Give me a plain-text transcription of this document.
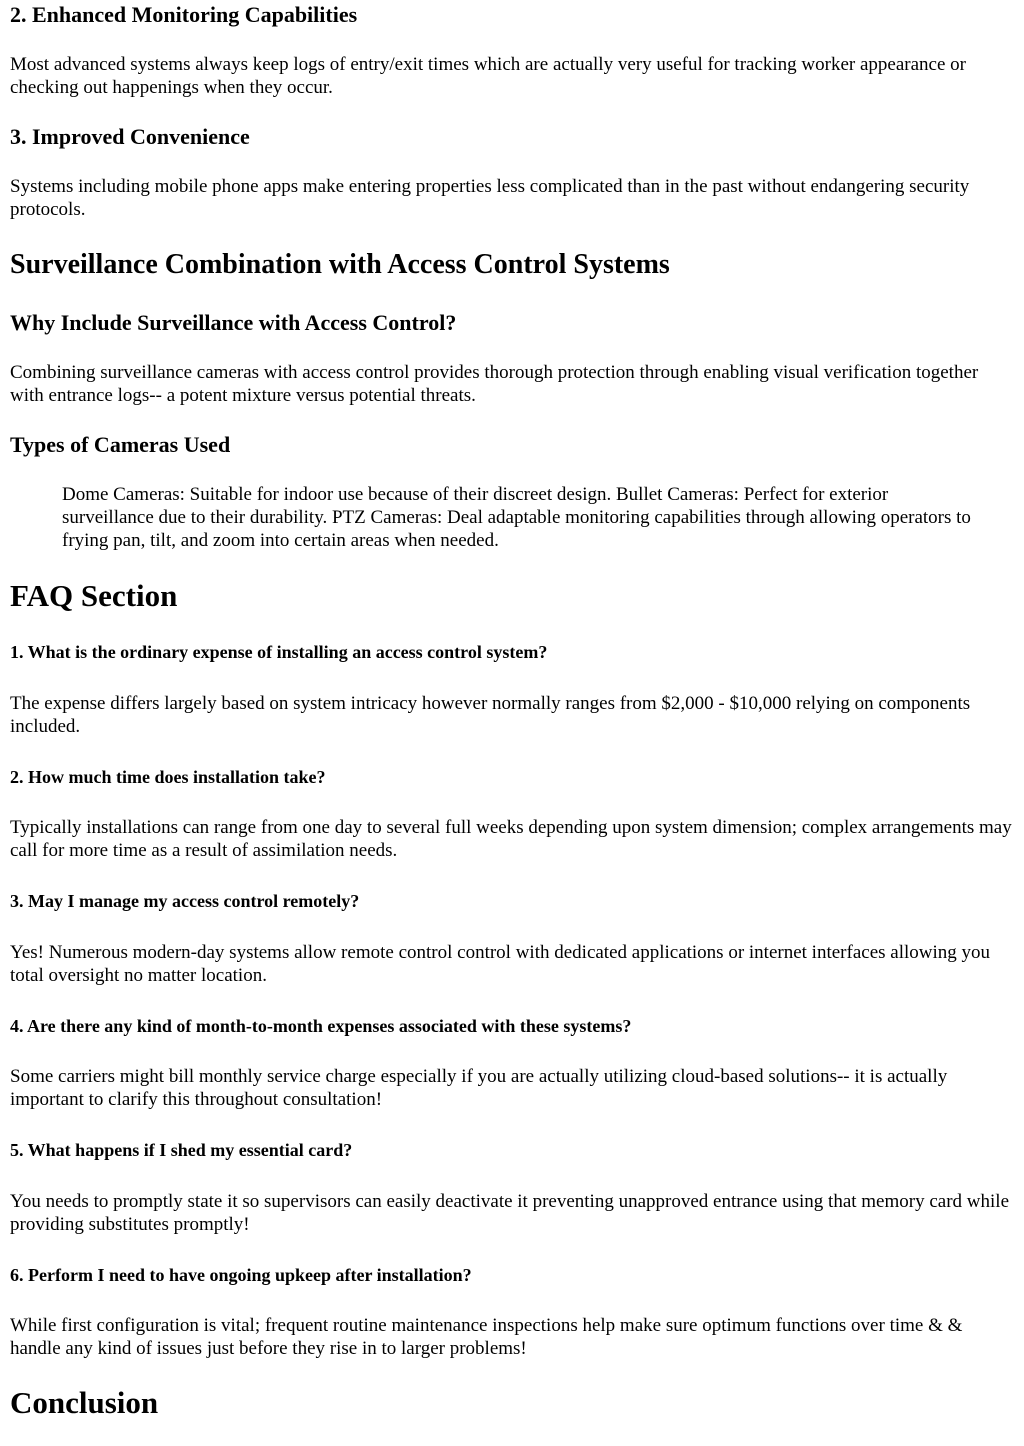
2. Enhanced Monitoring Capabilities

Most advanced systems always keep logs of entry/exit times which are actually very useful for tracking worker appearance or checking out happenings when they occur.

3. Improved Convenience

Systems including mobile phone apps make entering properties less complicated than in the past without endangering security protocols.

Surveillance Combination with Access Control Systems
Why Include Surveillance with Access Control?

Combining surveillance cameras with access control provides thorough protection through enabling visual verification together with entrance logs-- a potent mixture versus potential threats.

Types of Cameras Used
Dome Cameras: Suitable for indoor use because of their discreet design. Bullet Cameras: Perfect for exterior surveillance due to their durability. PTZ Cameras: Deal adaptable monitoring capabilities through allowing operators to frying pan, tilt, and zoom into certain areas when needed.
FAQ Section
1. What is the ordinary expense of installing an access control system?

The expense differs largely based on system intricacy however normally ranges from $2,000 - $10,000 relying on components included.

2. How much time does installation take?

Typically installations can range from one day to several full weeks depending upon system dimension; complex arrangements may call for more time as a result of assimilation needs.

3. May I manage my access control remotely?

Yes! Numerous modern-day systems allow remote control control with dedicated applications or internet interfaces allowing you total oversight no matter location.

4. Are there any kind of month-to-month expenses associated with these systems?

Some carriers might bill monthly service charge especially if you are actually utilizing cloud-based solutions-- it is actually important to clarify this throughout consultation!

5. What happens if I shed my essential card?

You needs to promptly state it so supervisors can easily deactivate it preventing unapproved entrance using that memory card while providing substitutes promptly!

6. Perform I need to have ongoing upkeep after installation?

While first configuration is vital; frequent routine maintenance inspections help make sure optimum functions over time & & handle any kind of issues just before they rise in to larger problems!

Conclusion
